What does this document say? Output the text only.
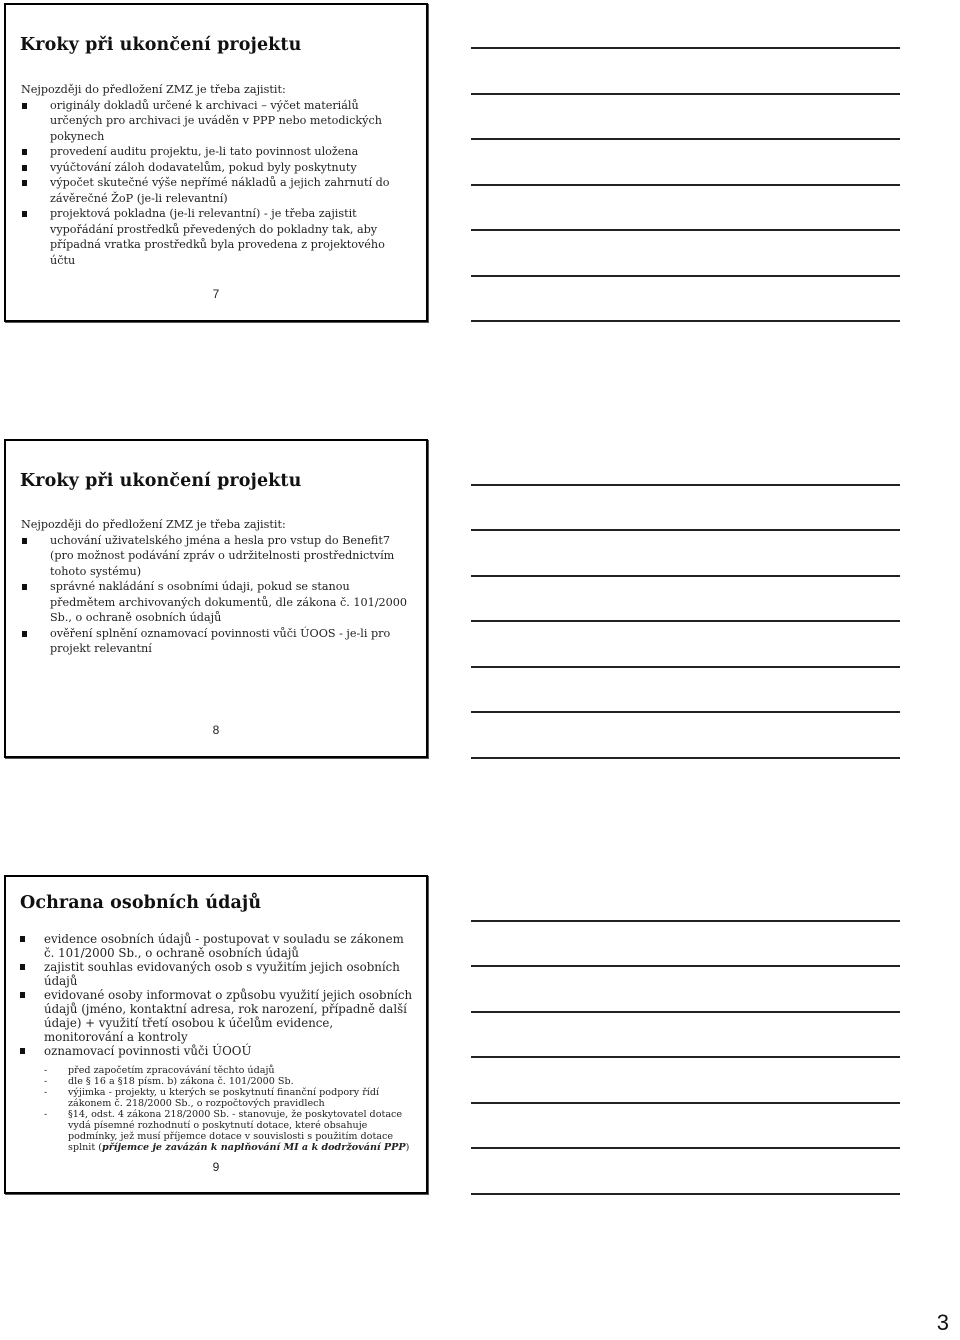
Kroky při ukončení projektu

Nejpozději do předložení ZMZ je třeba zajistit:

originály dokladů určené k archivaci – výčet materiálů určených pro archivaci je uváděn v PPP nebo metodických pokynech
provedení auditu projektu, je-li tato povinnost uložena
vyúčtování záloh dodavatelům, pokud byly poskytnuty
výpočet skutečné výše nepřímé nákladů a jejich zahrnutí do závěrečné ŽoP (je-li relevantní)
projektová pokladna (je-li relevantní) - je třeba zajistit vypořádání prostředků převedených do pokladny tak, aby případná vratka prostředků byla provedena z projektového účtu
7
Kroky při ukončení projektu

Nejpozději do předložení ZMZ je třeba zajistit:

uchování uživatelského jména a hesla pro vstup do Benefit7 (pro možnost podávání zpráv o udržitelnosti prostřednictvím tohoto systému)
správné nakládání s osobními údaji, pokud se stanou předmětem archivovaných dokumentů, dle zákona č. 101/2000 Sb., o ochraně osobních údajů
ověření splnění oznamovací povinnosti vůči ÚOOS - je-li pro projekt relevantní
8
Ochrana osobních údajů
evidence osobních údajů - postupovat v souladu se zákonem č. 101/2000 Sb., o ochraně osobních údajů
zajistit souhlas evidovaných osob s využitím jejich osobních údajů
evidované osoby informovat o způsobu využití jejich osobních údajů (jméno, kontaktní adresa, rok narození, případně další údaje) + využití třetí osobou k účelům evidence, monitorování a kontroly
oznamovací povinnosti vůči ÚOOÚ
- před započetím zpracovávání těchto údajů
- dle § 16 a §18 písm. b) zákona č. 101/2000 Sb.
- výjimka - projekty, u kterých se poskytnutí finanční podpory řídí zákonem č. 218/2000 Sb., o rozpočtových pravidlech
- §14, odst. 4 zákona 218/2000 Sb. - stanovuje, že poskytovatel dotace vydá písemné rozhodnutí o poskytnutí dotace, které obsahuje podmínky, jež musí příjemce dotace v souvislosti s použitím dotace splnit (příjemce je zavázán k naplňování MI a k dodržování PPP)
9
3
